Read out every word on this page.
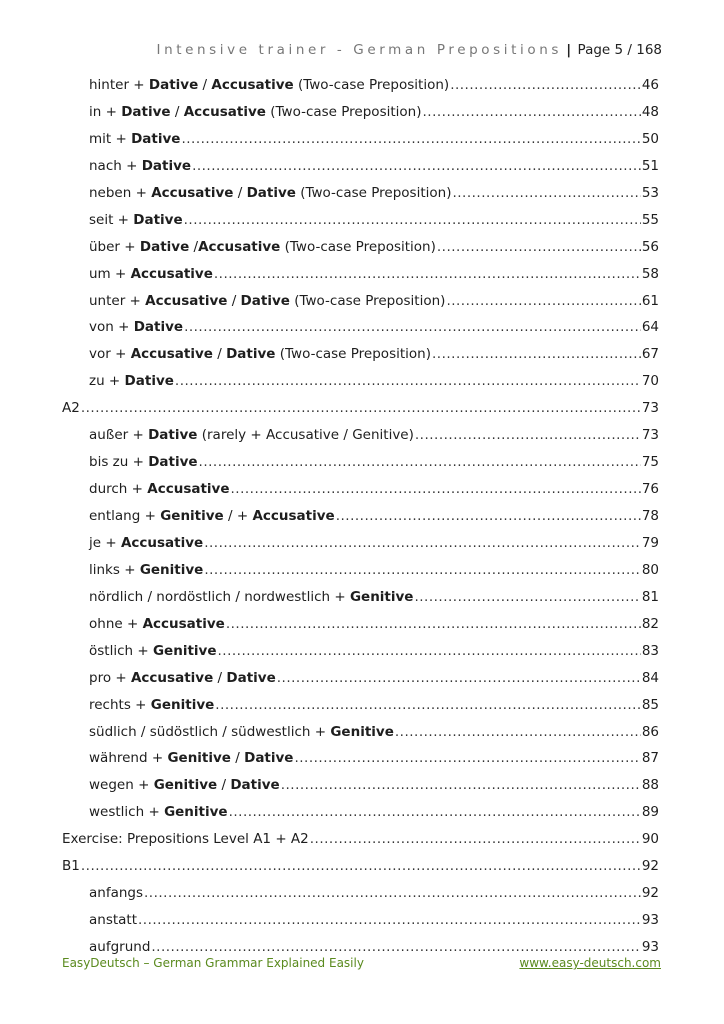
Intensive trainer - German Prepositions | Page 5 / 168
hinter + Dative / Accusative (Two-case Preposition) .....	46
in + Dative / Accusative (Two-case Preposition) .....	48
mit + Dative .....	50
nach + Dative .....	51
neben + Accusative / Dative (Two-case Preposition) .....	53
seit + Dative .....	55
über + Dative /Accusative (Two-case Preposition) .....	56
um + Accusative .....	58
unter + Accusative / Dative (Two-case Preposition) .....	61
von + Dative .....	64
vor + Accusative / Dative (Two-case Preposition) .....	67
zu + Dative .....	70
A2 .....	73
außer + Dative (rarely + Accusative / Genitive) .....	73
bis zu + Dative .....	75
durch + Accusative .....	76
entlang + Genitive / + Accusative .....	78
je + Accusative .....	79
links + Genitive .....	80
nördlich / nordöstlich / nordwestlich + Genitive .....	81
ohne + Accusative .....	82
östlich + Genitive .....	83
pro + Accusative / Dative .....	84
rechts + Genitive .....	85
südlich / südöstlich / südwestlich + Genitive .....	86
während + Genitive / Dative .....	87
wegen + Genitive / Dative .....	88
westlich + Genitive .....	89
Exercise: Prepositions Level A1 + A2 .....	90
B1 .....	92
anfangs .....	92
anstatt .....	93
aufgrund .....	93
EasyDeutsch – German Grammar Explained Easily	www.easy-deutsch.com
